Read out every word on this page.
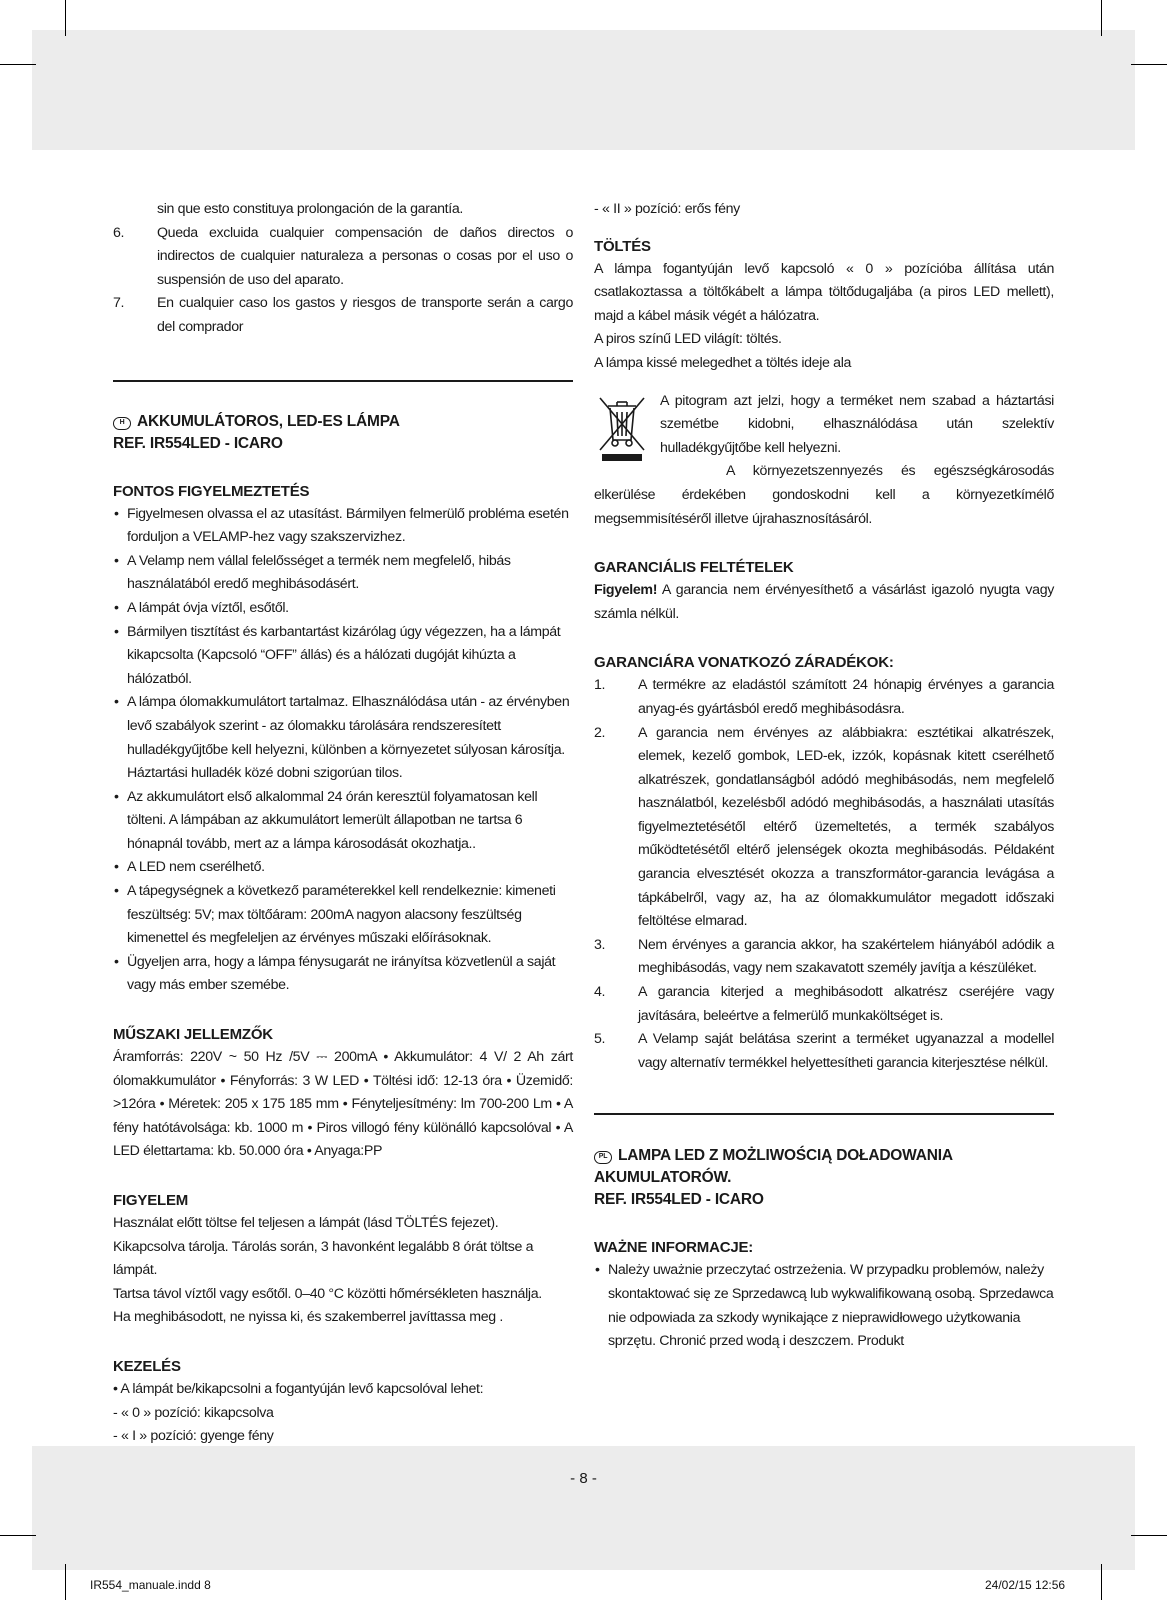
sin que esto constituya prolongación de la garantía.
6.	Queda excluida cualquier compensación de daños directos o indirectos de cualquier naturaleza a personas o cosas por el uso o suspensión de uso del aparato.
7.	En cualquier caso los gastos y riesgos de transporte serán a cargo del comprador
H AKKUMULÁTOROS, LED-ES LÁMPA
REF. IR554LED - ICARO
FONTOS FIGYELMEZTETÉS
• Figyelmesen olvassa el az utasítást. Bármilyen felmerülő probléma esetén forduljon a VELAMP-hez vagy szakszervizhez.
• A Velamp nem vállal felelősséget a termék nem megfelelő, hibás használatából eredő meghibásodásért.
• A lámpát óvja víztől, esőtől.
• Bármilyen tisztítást és karbantartást kizárólag úgy végezzen, ha a lámpát kikapcsolta (Kapcsoló “OFF” állás) és a hálózati dugóját kihúzta a hálózatból.
• A lámpa ólomakkumulátort tartalmaz. Elhasználódása után - az érvényben levő szabályok szerint - az ólomakku tárolására rendszeresített hulladékgyűjtőbe kell helyezni, különben a környezetet súlyosan károsítja. Háztartási hulladék közé dobni szigorúan tilos.
• Az akkumulátort első alkalommal 24 órán keresztül folyamatosan kell tölteni. A lámpában az akkumulátort lemerült állapotban ne tartsa 6 hónapnál tovább, mert az a lámpa károsodását okozhatja..
• A LED nem cserélhető.
• A tápegységnek a következő paraméterekkel kell rendelkeznie: kimeneti feszültség: 5V; max töltőáram: 200mA nagyon alacsony feszültség kimenettel és megfeleljen az érvényes műszaki előírásoknak.
• Ügyeljen arra, hogy a lámpa fénysugarát ne irányítsa közvetlenül a saját vagy más ember szemébe.
MŰSZAKI JELLEMZŐK

Áramforrás: 220V ~ 50 Hz /5V ⎓ 200mA • Akkumulátor: 4 V/ 2 Ah zárt ólomakkumulátor • Fényforrás: 3 W LED • Töltési idő: 12-13 óra • Üzemidő: >12óra • Méretek: 205 x 175 185 mm • Fényteljesítmény: lm 700-200 Lm • A fény hatótávolsága: kb. 1000 m • Piros villogó fény különálló kapcsolóval • A LED élettartama: kb. 50.000 óra • Anyaga:PP

FIGYELEM

Használat előtt töltse fel teljesen a lámpát (lásd TÖLTÉS fejezet).

Kikapcsolva tárolja. Tárolás során, 3 havonként legalább 8 órát töltse a lámpát.

Tartsa távol víztől vagy esőtől. 0–40 °C közötti hőmérsékleten használja.

Ha meghibásodott, ne nyissa ki, és szakemberrel javíttassa meg .

KEZELÉS

• A lámpát be/kikapcsolni a fogantyúján levő kapcsolóval lehet:

- « 0 » pozíció: kikapcsolva

- « I » pozíció: gyenge fény

- « II » pozíció: erős fény

TÖLTÉS

A lámpa fogantyúján levő kapcsoló « 0 » pozícióba állítása után csatlakoztassa a töltőkábelt a lámpa töltődugaljába (a piros LED mellett), majd a kábel másik végét a hálózatra.

A piros színű LED világít: töltés.

A lámpa kissé melegedhet a töltés ideje ala

A pitogram azt jelzi, hogy a terméket nem szabad a háztartási szemétbe kidobni, elhasználódása után szelektív hulladékgyűjtőbe kell helyezni.

A környezetszennyezés és egészségkárosodás elkerülése érdekében gondoskodni kell a környezetkímélő megsemmisítéséről illetve újrahasznosításáról.

GARANCIÁLIS FELTÉTELEK

Figyelem! A garancia nem érvényesíthető a vásárlást igazoló nyugta vagy számla nélkül.

GARANCIÁRA VONATKOZÓ ZÁRADÉKOK:
1.	A termékre az eladástól számított 24 hónapig érvényes a garancia anyag-és gyártásból eredő meghibásodásra.
2.	A garancia nem érvényes az alábbiakra: esztétikai alkatrészek, elemek, kezelő gombok, LED-ek, izzók, kopásnak kitett cserélhető alkatrészek, gondatlanságból adódó meghibásodás, nem megfelelő használatból, kezelésből adódó meghibásodás, a használati utasítás figyelmeztetésétől eltérő üzemeltetés, a termék szabályos működtetésétől eltérő jelenségek okozta meghibásodás. Példaként garancia elvesztését okozza a transzformátor-garancia levágása a tápkábelről, vagy az, ha az ólomakkumulátor megadott időszaki feltöltése elmarad.
3.	Nem érvényes a garancia akkor, ha szakértelem hiányából adódik a meghibásodás, vagy nem szakavatott személy javítja a készüléket.
4.	A garancia kiterjed a meghibásodott alkatrész cseréjére vagy javítására, beleértve a felmerülő munkaköltséget is.
5.	A Velamp saját belátása szerint a terméket ugyanazzal a modellel vagy alternatív termékkel helyettesítheti garancia kiterjesztése nélkül.
PL LAMPA LED Z MOŻLIWOŚCIĄ DOŁADOWANIA
AKUMULATORÓW.
REF. IR554LED - ICARO
WAŻNE INFORMACJE:
• Należy uważnie przeczytać ostrzeżenia. W przypadku problemów, należy skontaktować się ze Sprzedawcą lub wykwalifikowaną osobą. Sprzedawca nie odpowiada za szkody wynikające z nieprawidłowego użytkowania sprzętu. Chronić przed wodą i deszczem. Produkt
- 8 -
IR554_manuale.indd 8	24/02/15 12:56
